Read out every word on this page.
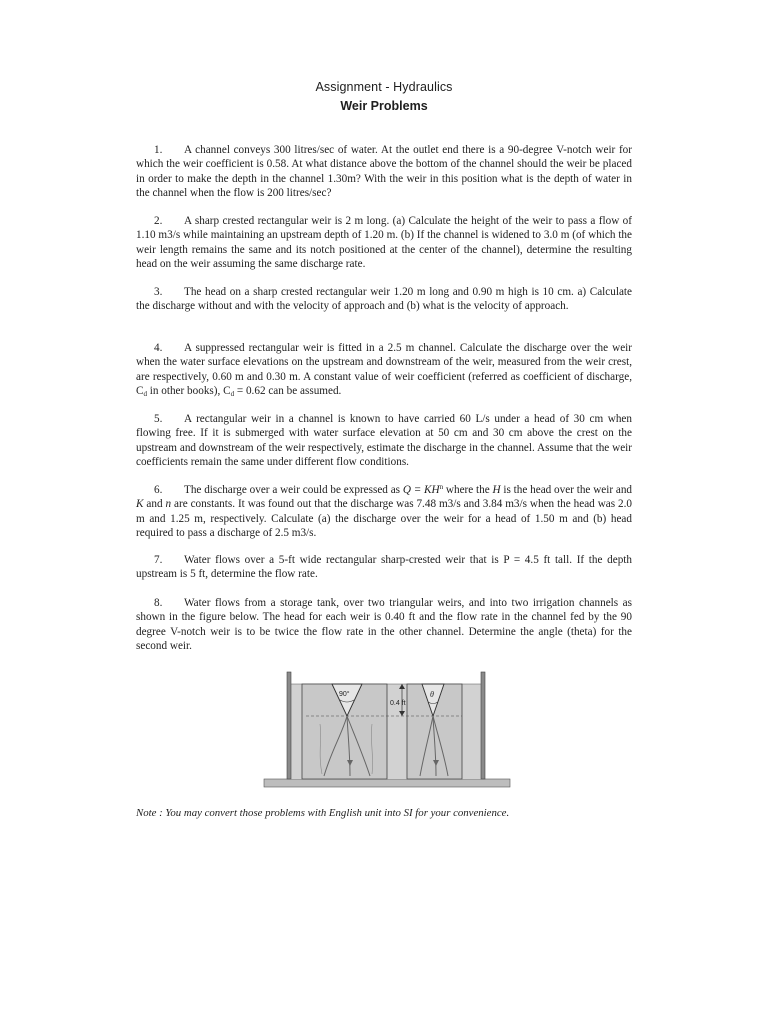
Assignment - Hydraulics
Weir Problems
1. A channel conveys 300 litres/sec of water. At the outlet end there is a 90-degree V-notch weir for which the weir coefficient is 0.58. At what distance above the bottom of the channel should the weir be placed in order to make the depth in the channel 1.30m? With the weir in this position what is the depth of water in the channel when the flow is 200 litres/sec?
2. A sharp crested rectangular weir is 2 m long. (a) Calculate the height of the weir to pass a flow of 1.10 m3/s while maintaining an upstream depth of 1.20 m. (b) If the channel is widened to 3.0 m (of which the weir length remains the same and its notch positioned at the center of the channel), determine the resulting head on the weir assuming the same discharge rate.
3. The head on a sharp crested rectangular weir 1.20 m long and 0.90 m high is 10 cm. a) Calculate the discharge without and with the velocity of approach and (b) what is the velocity of approach.
4. A suppressed rectangular weir is fitted in a 2.5 m channel. Calculate the discharge over the weir when the water surface elevations on the upstream and downstream of the weir, measured from the weir crest, are respectively, 0.60 m and 0.30 m. A constant value of weir coefficient (referred as coefficient of discharge, $C_d$ in other books), $C_d = 0.62$ can be assumed.
5. A rectangular weir in a channel is known to have carried 60 L/s under a head of 30 cm when flowing free. If it is submerged with water surface elevation at 50 cm and 30 cm above the crest on the upstream and downstream of the weir respectively, estimate the discharge in the channel. Assume that the weir coefficients remain the same under different flow conditions.
6. The discharge over a weir could be expressed as $Q = KH^n$ where the H is the head over the weir and K and n are constants. It was found out that the discharge was 7.48 m3/s and 3.84 m3/s when the head was 2.0 m and 1.25 m, respectively. Calculate (a) the discharge over the weir for a head of 1.50 m and (b) head required to pass a discharge of 2.5 m3/s.
7. Water flows over a 5-ft wide rectangular sharp-crested weir that is P = 4.5 ft tall. If the depth upstream is 5 ft, determine the flow rate.
8. Water flows from a storage tank, over two triangular weirs, and into two irrigation channels as shown in the figure below. The head for each weir is 0.40 ft and the flow rate in the channel fed by the 90 degree V-notch weir is to be twice the flow rate in the other channel. Determine the angle (theta) for the second weir.
0.4 ft
90°	θ
Note : You may convert those problems with English unit into SI for your convenience.
